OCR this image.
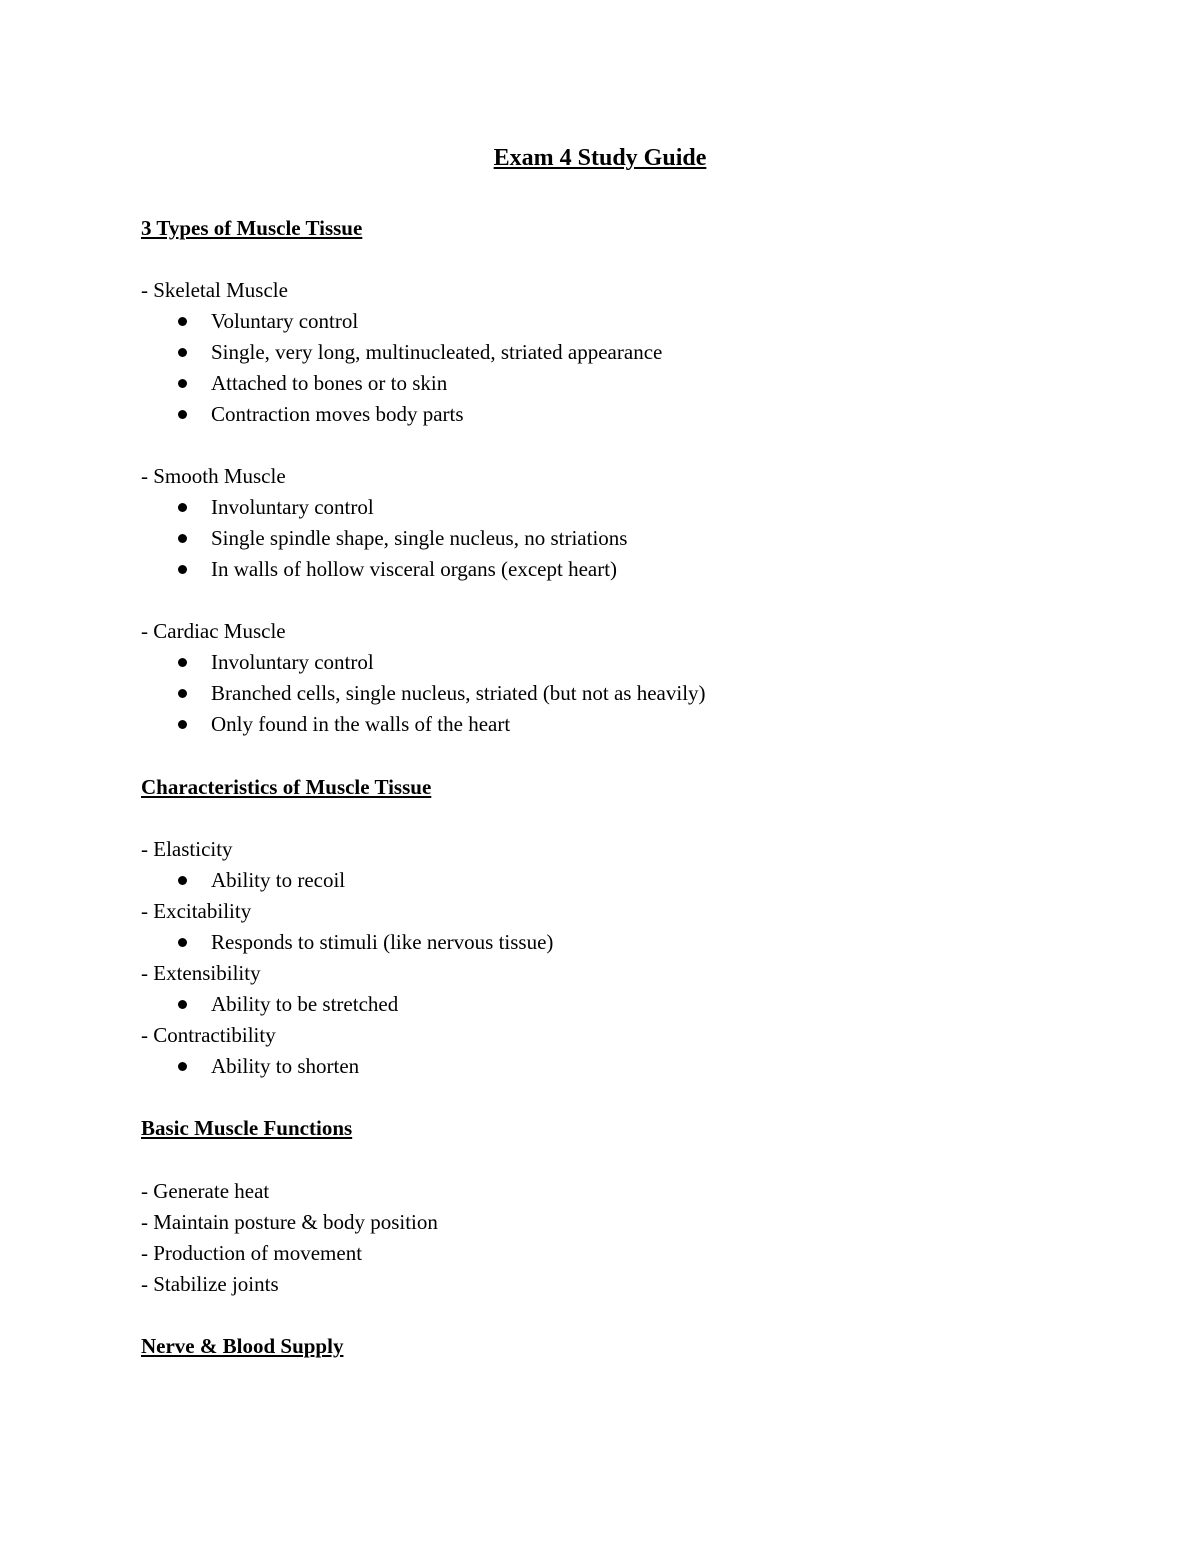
Exam 4 Study Guide
3 Types of Muscle Tissue
- Skeletal Muscle
Voluntary control
Single, very long, multinucleated, striated appearance
Attached to bones or to skin
Contraction moves body parts
- Smooth Muscle
Involuntary control
Single spindle shape, single nucleus, no striations
In walls of hollow visceral organs (except heart)
- Cardiac Muscle
Involuntary control
Branched cells, single nucleus, striated (but not as heavily)
Only found in the walls of the heart
Characteristics of Muscle Tissue
- Elasticity
Ability to recoil
- Excitability
Responds to stimuli (like nervous tissue)
- Extensibility
Ability to be stretched
- Contractibility
Ability to shorten
Basic Muscle Functions
- Generate heat
- Maintain posture & body position
- Production of movement
- Stabilize joints
Nerve & Blood Supply
